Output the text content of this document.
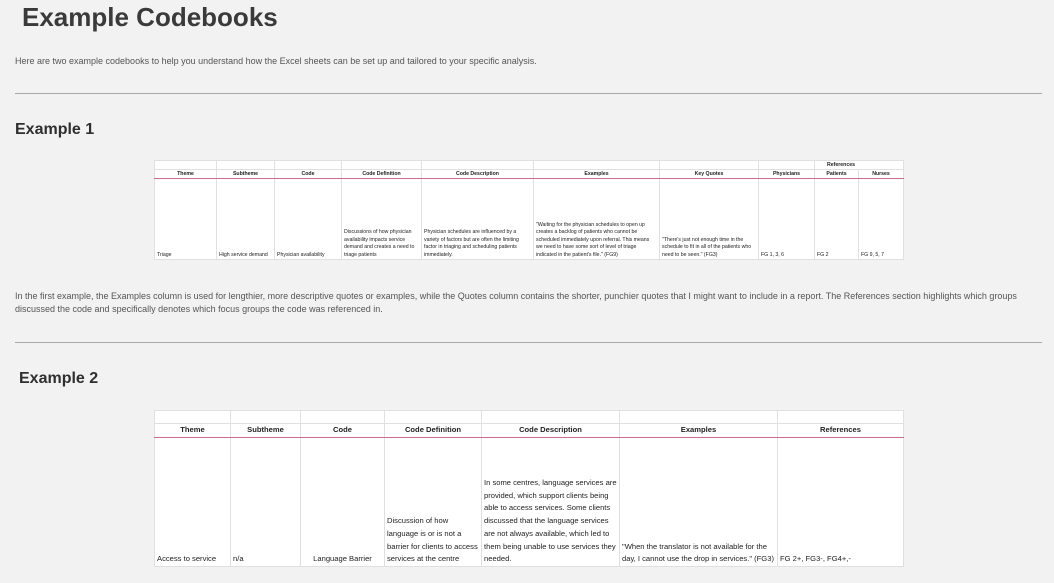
Example Codebooks
Here are two example codebooks to help you understand how the Excel sheets can be set up and tailored to your specific analysis.
Example 1
								References	
Theme	Subtheme	Code	Code Definition	Code Description	Examples	Key Quotes	Physicians	Patients	Nurses
Triage	High service demand	Physician availability	Discussions of how physician availability impacts service demand and creates a need to triage patients	Physician schedules are influenced by a variety of factors but are often the limiting factor in triaging and scheduling patients immediately.	"Waiting for the physician schedules to open up creates a backlog of patients who cannot be scheduled immediately upon referral. This means we need to have some sort of level of triage indicated in the patient's file." (FG9)	"There's just not enough time in the schedule to fit in all of the patients who need to be seen." (FG3)	FG 1, 3, 6	FG 2	FG 9, 5, 7
In the first example, the Examples column is used for lengthier, more descriptive quotes or examples, while the Quotes column contains the shorter, punchier quotes that I might want to include in a report. The References section highlights which groups discussed the code and specifically denotes which focus groups the code was referenced in.
Example 2

Theme	Subtheme	Code	Code Definition	Code Description	Examples	References
Access to service	n/a	Language Barrier	Discussion of how language is or is not a barrier for clients to access services at the centre	In some centres, language services are provided, which support clients being able to access services. Some clients discussed that the language services are not always available, which led to them being unable to use services they needed.	"When the translator is not available for the day, I cannot use the drop in services." (FG3)	FG 2+, FG3-, FG4+,-
